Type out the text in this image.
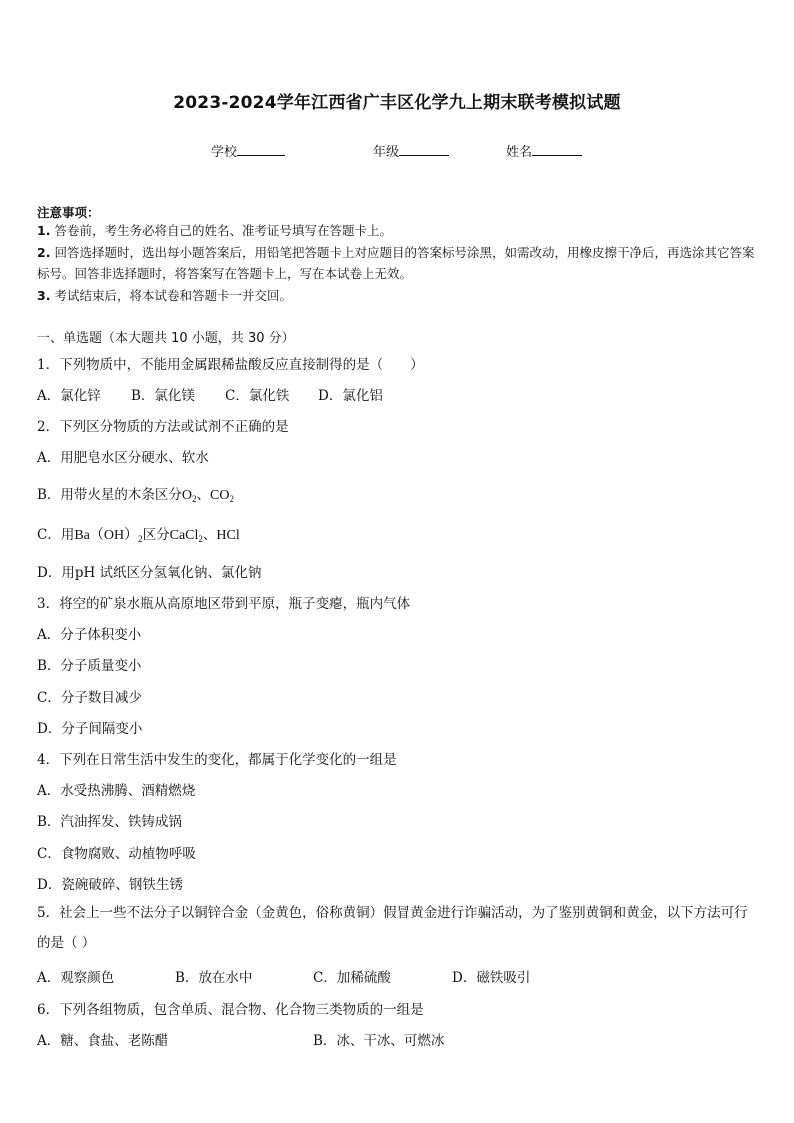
2023-2024学年江西省广丰区化学九上期末联考模拟试题
学校	年级	姓名
注意事项：
1. 答卷前，考生务必将自己的姓名、准考证号填写在答题卡上。
2. 回答选择题时，选出每小题答案后，用铅笔把答题卡上对应题目的答案标号涂黑，如需改动，用橡皮擦干净后，再选涂其它答案标号。回答非选择题时，将答案写在答题卡上，写在本试卷上无效。
3. 考试结束后，将本试卷和答题卡一并交回。
一、单选题（本大题共 10 小题，共 30 分）
1．下列物质中，不能用金属跟稀盐酸反应直接制得的是（　　）
A．氯化锌 B．氯化镁 C．氯化铁 D．氯化铝
2．下列区分物质的方法或试剂不正确的是
A．用肥皂水区分硬水、软水
B．用带火星的木条区分$O_2$、$CO_2$
C．用$Ba(OH)_2$区分CaCl$_2$、HCl
D．用pH 试纸区分氢氧化钠、氯化钠
3．将空的矿泉水瓶从高原地区带到平原，瓶子变瘪，瓶内气体
A．分子体积变小
B．分子质量变小
C．分子数目减少
D．分子间隔变小
4．下列在日常生活中发生的变化，都属于化学变化的一组是
A．水受热沸腾、酒精燃烧
B．汽油挥发、铁铸成锅
C．食物腐败、动植物呼吸
D．瓷碗破碎、钢铁生锈
5．社会上一些不法分子以铜锌合金（金黄色，俗称黄铜）假冒黄金进行诈骗活动，为了鉴别黄铜和黄金，以下方法可行的是（ ）
A．观察颜色	B．放在水中	C．加稀硫酸	D．磁铁吸引
6．下列各组物质，包含单质、混合物、化合物三类物质的一组是
A．糖、食盐、老陈醋	B．冰、干冰、可燃冰
